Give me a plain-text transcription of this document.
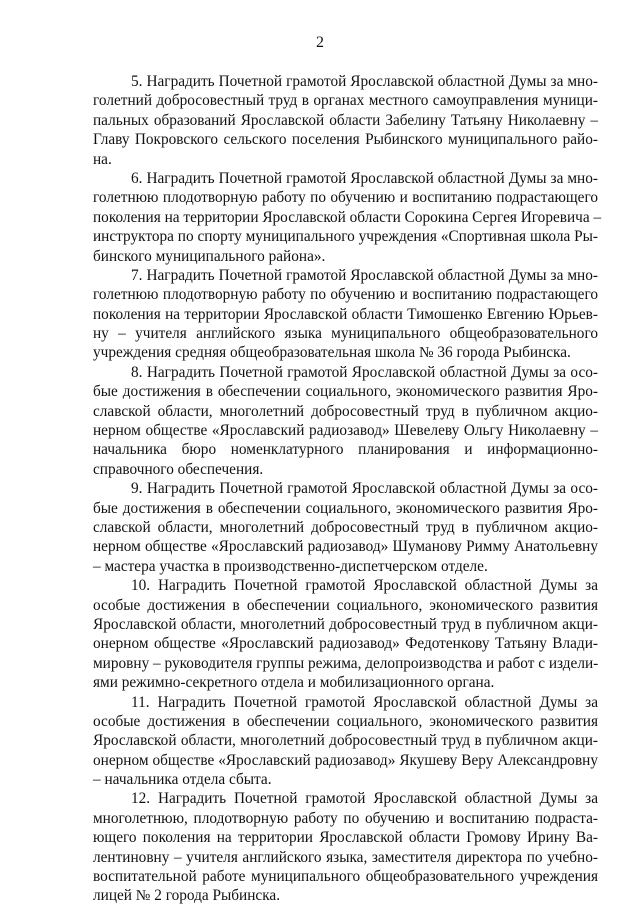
2
5. Наградить Почетной грамотой Ярославской областной Думы за мно-
голетний добросовестный труд в органах местного самоуправления муници-
пальных образований Ярославской области Забелину Татьяну Николаевну –
Главу Покровского сельского поселения Рыбинского муниципального райо-
на.
6. Наградить Почетной грамотой Ярославской областной Думы за мно-
голетнюю плодотворную работу по обучению и воспитанию подрастающего
поколения на территории Ярославской области Сорокина Сергея Игоревича –
инструктора по спорту муниципального учреждения «Спортивная школа Ры-
бинского муниципального района».
7. Наградить Почетной грамотой Ярославской областной Думы за мно-
голетнюю плодотворную работу по обучению и воспитанию подрастающего
поколения на территории Ярославской области Тимошенко Евгению Юрьев-
ну – учителя английского языка муниципального общеобразовательного
учреждения средняя общеобразовательная школа № 36 города Рыбинска.
8. Наградить Почетной грамотой Ярославской областной Думы за осо-
бые достижения в обеспечении социального, экономического развития Яро-
славской области, многолетний добросовестный труд в публичном акцио-
нерном обществе «Ярославский радиозавод» Шевелеву Ольгу Николаевну –
начальника бюро номенклатурного планирования и информационно-
справочного обеспечения.
9. Наградить Почетной грамотой Ярославской областной Думы за осо-
бые достижения в обеспечении социального, экономического развития Яро-
славской области, многолетний добросовестный труд в публичном акцио-
нерном обществе «Ярославский радиозавод» Шуманову Римму Анатольевну
– мастера участка в производственно-диспетчерском отделе.
10. Наградить Почетной грамотой Ярославской областной Думы за
особые достижения в обеспечении социального, экономического развития
Ярославской области, многолетний добросовестный труд в публичном акци-
онерном обществе «Ярославский радиозавод» Федотенкову Татьяну Влади-
мировну – руководителя группы режима, делопроизводства и работ с издели-
ями режимно-секретного отдела и мобилизационного органа.
11. Наградить Почетной грамотой Ярославской областной Думы за
особые достижения в обеспечении социального, экономического развития
Ярославской области, многолетний добросовестный труд в публичном акци-
онерном обществе «Ярославский радиозавод» Якушеву Веру Александровну
– начальника отдела сбыта.
12. Наградить Почетной грамотой Ярославской областной Думы за
многолетнюю, плодотворную работу по обучению и воспитанию подраста-
ющего поколения на территории Ярославской области Громову Ирину Ва-
лентиновну – учителя английского языка, заместителя директора по учебно-
воспитательной работе муниципального общеобразовательного учреждения
лицей № 2 города Рыбинска.
